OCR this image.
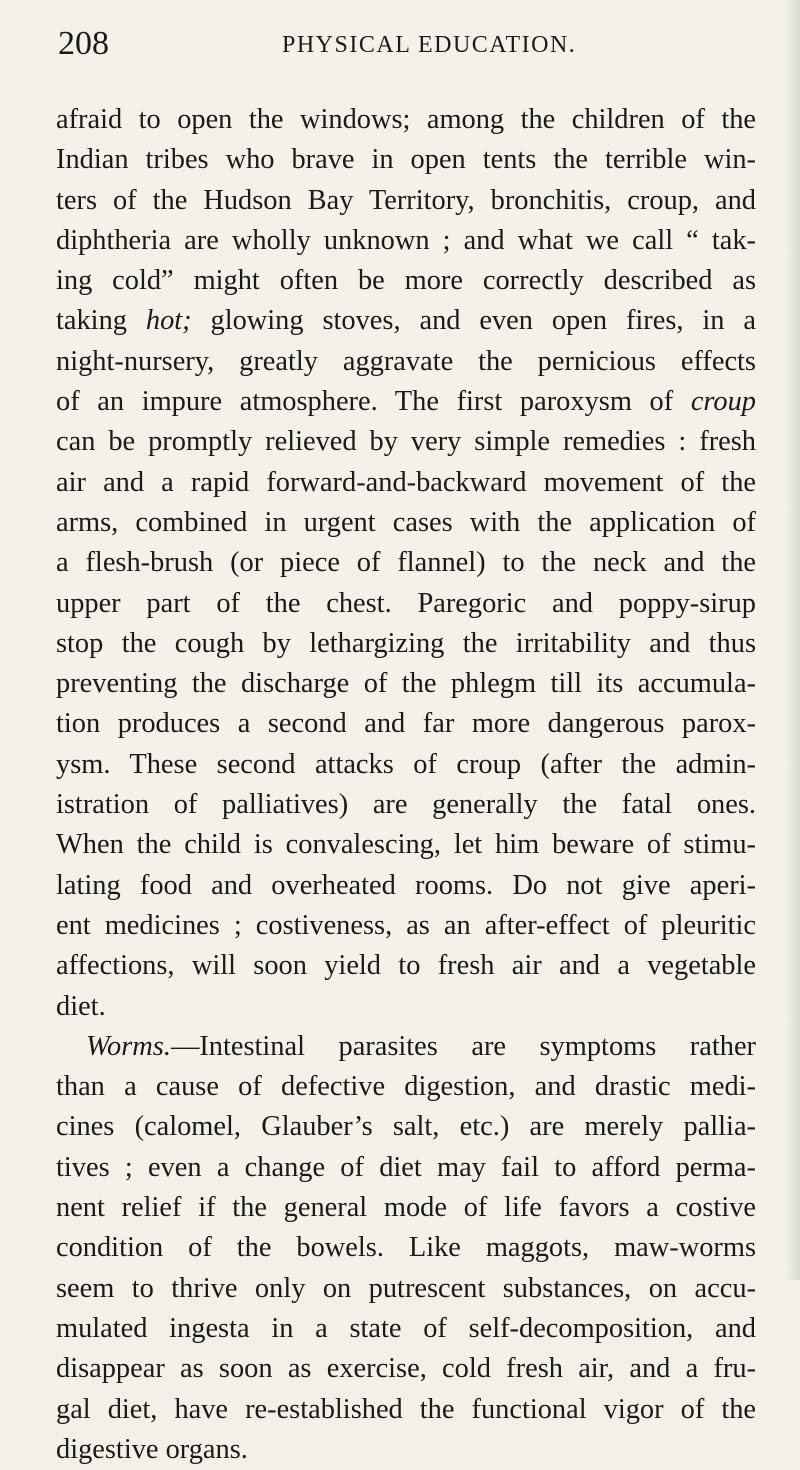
208	PHYSICAL EDUCATION.
afraid to open the windows; among the children of the
Indian tribes who brave in open tents the terrible win-
ters of the Hudson Bay Territory, bronchitis, croup, and
diphtheria are wholly unknown ; and what we call “ tak-
ing cold” might often be more correctly described as
taking hot; glowing stoves, and even open fires, in a
night-nursery, greatly aggravate the pernicious effects
of an impure atmosphere. The first paroxysm of croup
can be promptly relieved by very simple remedies : fresh
air and a rapid forward-and-backward movement of the
arms, combined in urgent cases with the application of
a flesh-brush (or piece of flannel) to the neck and the
upper part of the chest. Paregoric and poppy-sirup
stop the cough by lethargizing the irritability and thus
preventing the discharge of the phlegm till its accumula-
tion produces a second and far more dangerous parox-
ysm. These second attacks of croup (after the admin-
istration of palliatives) are generally the fatal ones.
When the child is convalescing, let him beware of stimu-
lating food and overheated rooms. Do not give aperi-
ent medicines ; costiveness, as an after-effect of pleuritic
affections, will soon yield to fresh air and a vegetable
diet.
Worms.—Intestinal parasites are symptoms rather
than a cause of defective digestion, and drastic medi-
cines (calomel, Glauber’s salt, etc.) are merely pallia-
tives ; even a change of diet may fail to afford perma-
nent relief if the general mode of life favors a costive
condition of the bowels. Like maggots, maw-worms
seem to thrive only on putrescent substances, on accu-
mulated ingesta in a state of self-decomposition, and
disappear as soon as exercise, cold fresh air, and a fru-
gal diet, have re-established the functional vigor of the
digestive organs.
